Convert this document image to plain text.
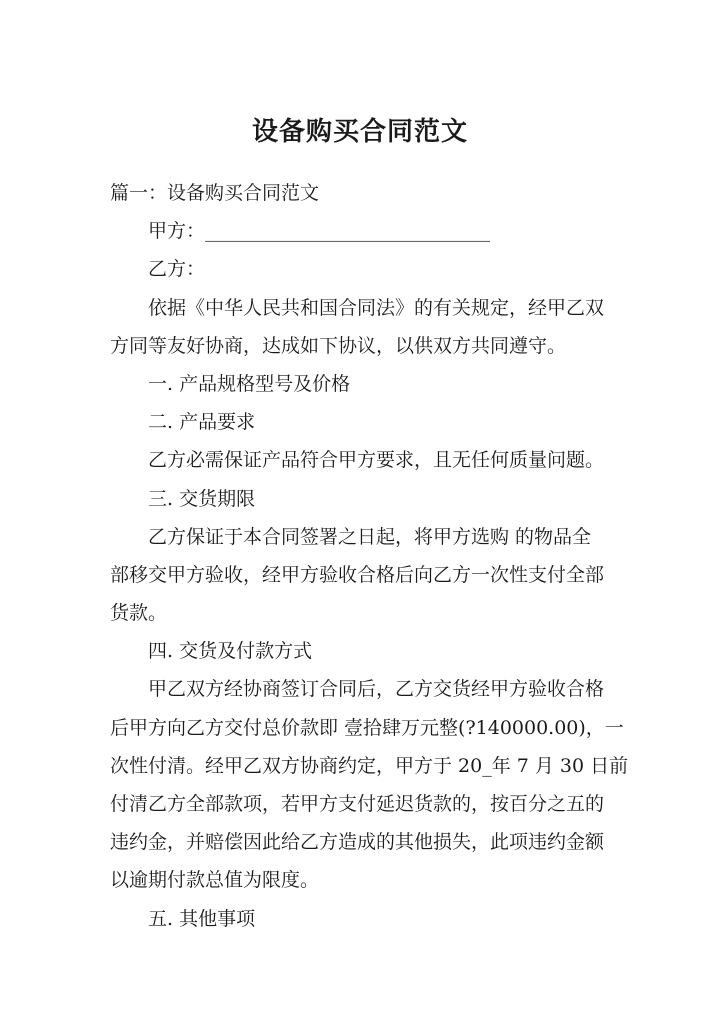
设备购买合同范文

篇一：设备购买合同范文

甲方：______________________________

乙方：

依据《中华人民共和国合同法》的有关规定，经甲乙双

方同等友好协商，达成如下协议，以供双方共同遵守。

一. 产品规格型号及价格

二. 产品要求

乙方必需保证产品符合甲方要求，且无任何质量问题。

三. 交货期限

乙方保证于本合同签署之日起，将甲方选购 的物品全

部移交甲方验收，经甲方验收合格后向乙方一次性支付全部

货款。

四. 交货及付款方式

甲乙双方经协商签订合同后，乙方交货经甲方验收合格

后甲方向乙方交付总价款即 壹拾肆万元整(?140000.00)，一

次性付清。经甲乙双方协商约定，甲方于 20_年 7 月 30 日前

付清乙方全部款项，若甲方支付延迟货款的，按百分之五的

违约金，并赔偿因此给乙方造成的其他损失，此项违约金额

以逾期付款总值为限度。

五. 其他事项
